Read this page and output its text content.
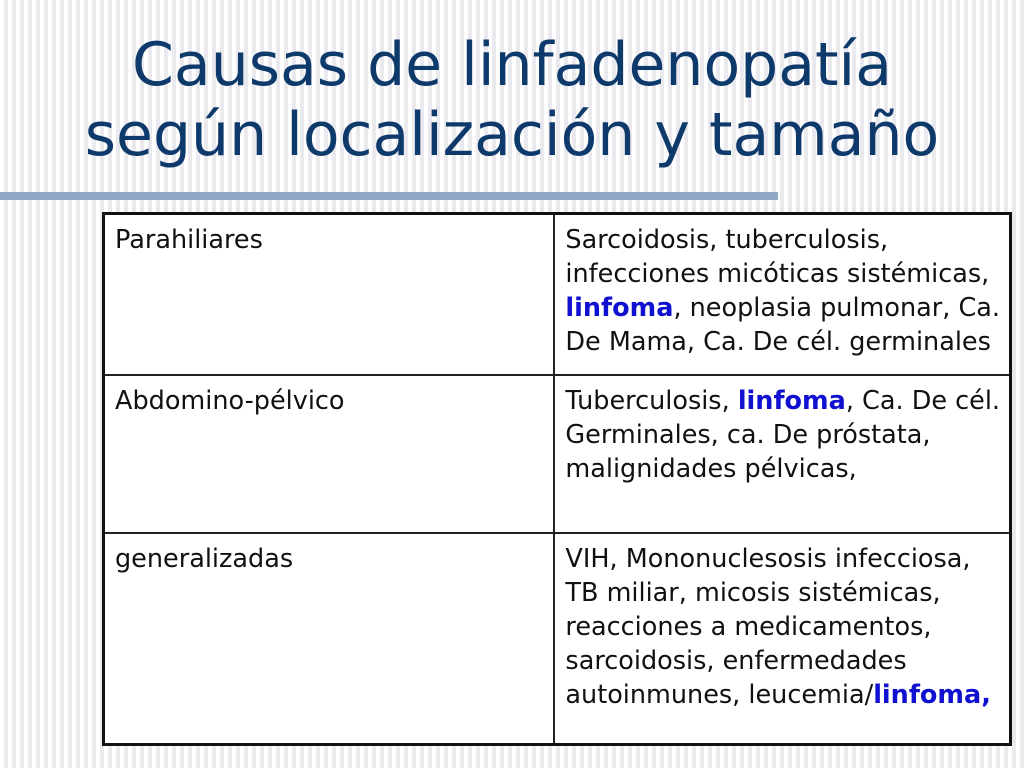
Causas de linfadenopatía
según localización y tamaño
Parahiliares	Sarcoidosis, tuberculosis, infecciones micóticas sistémicas, linfoma, neoplasia pulmonar, Ca. De Mama, Ca. De cél. germinales
Abdomino-pélvico	Tuberculosis, linfoma, Ca. De cél. Germinales, ca. De próstata, malignidades pélvicas,
generalizadas	VIH, Mononuclesosis infecciosa, TB miliar, micosis sistémicas, reacciones a medicamentos, sarcoidosis, enfermedades autoinmunes, leucemia/linfoma,
